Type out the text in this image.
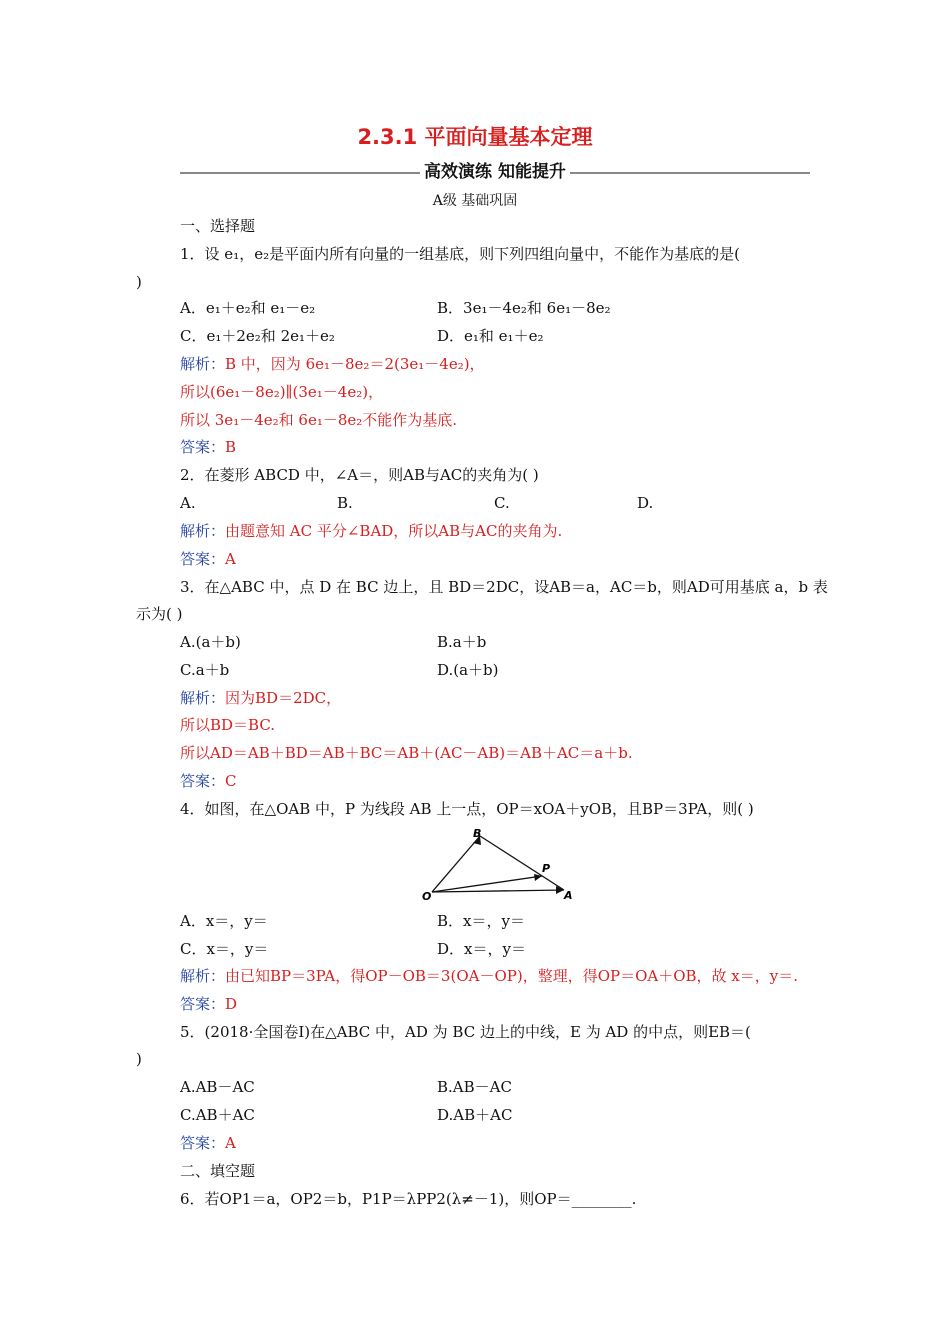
2.3.1 平面向量基本定理
高效演练 知能提升
A级 基础巩固
一、选择题
1．设 e₁，e₂是平面内所有向量的一组基底，则下列四组向量中，不能作为基底的是(
)
A．e₁＋e₂和 e₁－e₂	B．3e₁－4e₂和 6e₁－8e₂
C．e₁＋2e₂和 2e₁＋e₂	D．e₁和 e₁＋e₂
解析：B 中，因为 6e₁－8e₂＝2(3e₁－4e₂)，
所以(6e₁－8e₂)∥(3e₁－4e₂)，
所以 3e₁－4e₂和 6e₁－8e₂不能作为基底.
答案：B
2．在菱形 ABCD 中，∠A＝，则AB与AC的夹角为( )
A.	B.	C.	D.
解析：由题意知 AC 平分∠BAD，所以AB与AC的夹角为.
答案：A
3．在△ABC 中，点 D 在 BC 边上，且 BD＝2DC，设AB＝a，AC＝b，则AD可用基底 a，b 表
示为( )
A.(a＋b)	B.a＋b
C.a＋b	D.(a＋b)
解析：因为BD＝2DC，
所以BD＝BC.
所以AD＝AB＋BD＝AB＋BC＝AB＋(AC－AB)＝AB＋AC＝a＋b.
答案：C
4．如图，在△OAB 中，P 为线段 AB 上一点，OP＝xOA＋yOB，且BP＝3PA，则( )
B
P
O	A
A．x＝，y＝	B．x＝，y＝
C．x＝，y＝	D．x＝，y＝
解析：由已知BP＝3PA，得OP－OB＝3(OA－OP)，整理，得OP＝OA＋OB，故 x＝，y＝.
答案：D
5．(2018·全国卷Ⅰ)在△ABC 中，AD 为 BC 边上的中线，E 为 AD 的中点，则EB＝(
)
A.AB－AC	B.AB－AC
C.AB＋AC	D.AB＋AC
答案：A
二、填空题
6．若OP1＝a，OP2＝b，P1P＝λPP2(λ≠－1)，则OP＝________.
